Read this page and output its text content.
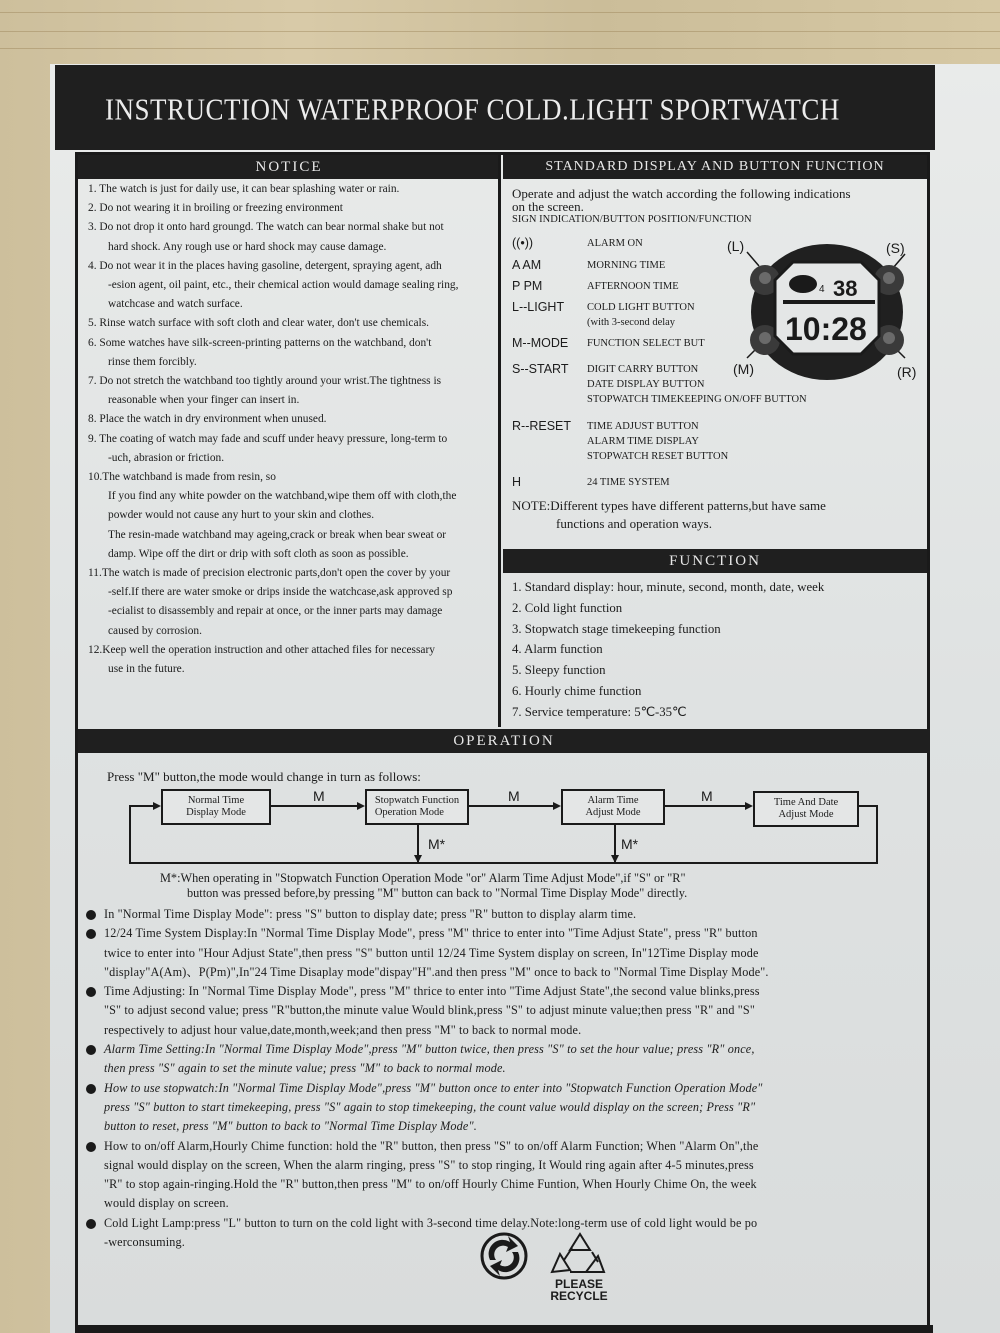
INSTRUCTION WATERPROOF COLD.LIGHT SPORTWATCH
NOTICE	STANDARD DISPLAY AND BUTTON FUNCTION
1. The watch is just for daily use, it can bear splashing water or rain.
2. Do not wearing it in broiling or freezing environment
3. Do not drop it onto hard groungd. The watch can bear normal shake but not
hard shock. Any rough use or hard shock may cause damage.
4. Do not wear it in the places having gasoline, detergent, spraying agent, adh
-esion agent, oil paint, etc., their chemical action would damage sealing ring,
watchcase and watch surface.
5. Rinse watch surface with soft cloth and clear water, don't use chemicals.
6. Some watches have silk-screen-printing patterns on the watchband, don't
rinse them forcibly.
7. Do not stretch the watchband too tightly around your wrist.The tightness is
reasonable when your finger can insert in.
8. Place the watch in dry environment when unused.
9. The coating of watch may fade and scuff under heavy pressure, long-term to
-uch, abrasion or friction.
10.The watchband is made from resin, so
If you find any white powder on the watchband,wipe them off with cloth,the
powder would not cause any hurt to your skin and clothes.
The resin-made watchband may ageing,crack or break when bear sweat or
damp. Wipe off the dirt or drip with soft cloth as soon as possible.
11.The watch is made of precision electronic parts,don't open the cover by your
-self.If there are water smoke or drips inside the watchcase,ask approved sp
-ecialist to disassembly and repair at once, or the inner parts may damage
caused by corrosion.
12.Keep well the operation instruction and other attached files for necessary
use in the future.
Operate and adjust the watch according the following indications
on the screen.
SIGN INDICATION/BUTTON POSITION/FUNCTION
((•))	ALARM ON
A AM	MORNING TIME
P PM	AFTERNOON TIME
L--LIGHT COLD LIGHT BUTTON
(with 3-second delay
M--MODE FUNCTION SELECT BUT
S--START DIGIT CARRY BUTTON
DATE DISPLAY BUTTON
STOPWATCH TIMEKEEPING ON/OFF BUTTON
R--RESET TIME ADJUST BUTTON
ALARM TIME DISPLAY
STOPWATCH RESET BUTTON
H	24 TIME SYSTEM
NOTE:Different types have different patterns,but have same
functions and operation ways.
(L)	(S)
(M)	(R)
38
4
10:28
FUNCTION
1. Standard display: hour, minute, second, month, date, week
2. Cold light function
3. Stopwatch stage timekeeping function
4. Alarm function
5. Sleepy function
6. Hourly chime function
7. Service temperature: 5℃-35℃
OPERATION
Press "M" button,the mode would change in turn as follows:
Normal Time
Display Mode
Stopwatch Function
Operation Mode
Alarm Time
Adjust Mode
Time And Date
Adjust Mode
M	M	M
M*	M*
M*:When operating in "Stopwatch Function Operation Mode "or" Alarm Time Adjust Mode",if "S" or "R"
button was pressed before,by pressing "M" button can back to "Normal Time Display Mode" directly.
In "Normal Time Display Mode": press "S" button to display date; press "R" button to display alarm time.
12/24 Time System Display:In "Normal Time Display Mode", press "M" thrice to enter into "Time Adjust State", press "R" button
twice to enter into "Hour Adjust State",then press "S" button until 12/24 Time System display on screen, In"12Time Display mode
"display"A(Am)、P(Pm)",In"24 Time Disaplay mode"dispay"H".and then press "M" once to back to "Normal Time Display Mode".
Time Adjusting: In "Normal Time Display Mode", press "M" thrice to enter into "Time Adjust State",the second value blinks,press
"S" to adjust second value; press "R"button,the minute value Would blink,press "S" to adjust minute value;then press "R" and "S"
respectively to adjust hour value,date,month,week;and then press "M" to back to normal mode.
Alarm Time Setting:In "Normal Time Display Mode",press "M" button twice, then press "S" to set the hour value; press "R" once,
then press "S" again to set the minute value; press "M" to back to normal mode.
How to use stopwatch:In "Normal Time Display Mode",press "M" button once to enter into "Stopwatch Function Operation Mode"
press "S" button to start timekeeping, press "S" again to stop timekeeping, the count value would display on the screen; Press "R"
button to reset, press "M" button to back to "Normal Time Display Mode".
How to on/off Alarm,Hourly Chime function: hold the "R" button, then press "S" to on/off Alarm Function; When "Alarm On",the
signal would display on the screen, When the alarm ringing, press "S" to stop ringing, It Would ring again after 4-5 minutes,press
"R" to stop again-ringing.Hold the "R" button,then press "M" to on/off Hourly Chime Funtion, When Hourly Chime On, the week
would display on screen.
Cold Light Lamp:press "L" button to turn on the cold light with 3-second time delay.Note:long-term use of cold light would be po
-werconsuming.
PLEASE
RECYCLE
